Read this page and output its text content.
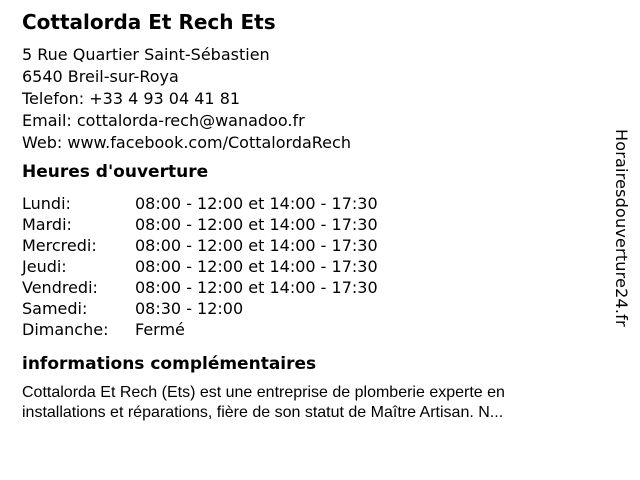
Cottalorda Et Rech Ets
5 Rue Quartier Saint-Sébastien
6540 Breil-sur-Roya
Telefon: +33 4 93 04 41 81
Email: cottalorda-rech@wanadoo.fr
Web: www.facebook.com/CottalordaRech
Heures d'ouverture
Lundi:	08:00 - 12:00 et 14:00 - 17:30
Mardi:	08:00 - 12:00 et 14:00 - 17:30
Mercredi:	08:00 - 12:00 et 14:00 - 17:30
Jeudi:	08:00 - 12:00 et 14:00 - 17:30
Vendredi:	08:00 - 12:00 et 14:00 - 17:30
Samedi:	08:30 - 12:00
Dimanche:	Fermé
informations complémentaires
Cottalorda Et Rech (Ets) est une entreprise de plomberie experte en
installations et réparations, fière de son statut de Maître Artisan. N...
Horairesdouverture24.fr
